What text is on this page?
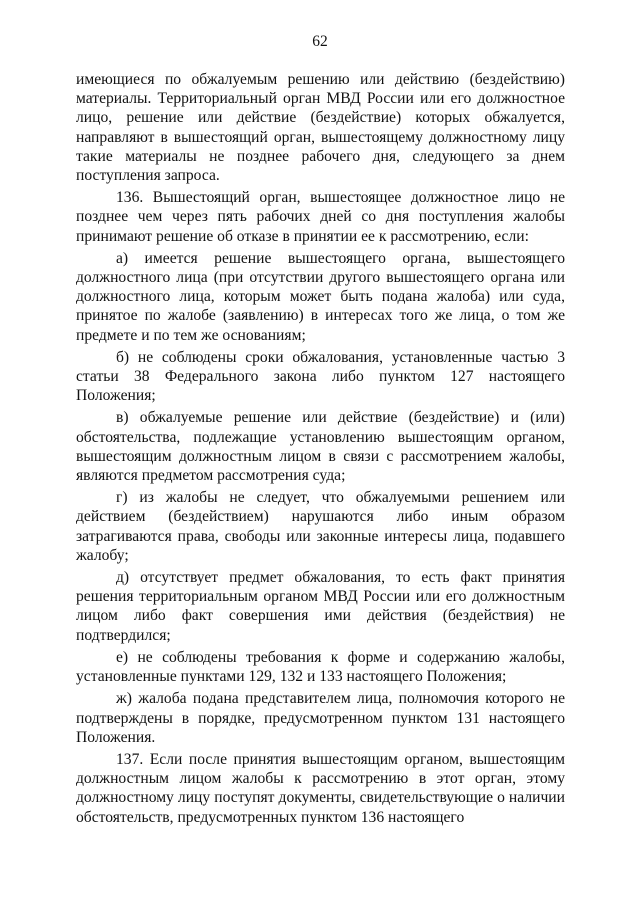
62

имеющиеся по обжалуемым решению или действию (бездействию) материалы. Территориальный орган МВД России или его должностное лицо, решение или действие (бездействие) которых обжалуется, направляют в вышестоящий орган, вышестоящему должностному лицу такие материалы не позднее рабочего дня, следующего за днем поступления запроса.

136. Вышестоящий орган, вышестоящее должностное лицо не позднее чем через пять рабочих дней со дня поступления жалобы принимают решение об отказе в принятии ее к рассмотрению, если:

а) имеется решение вышестоящего органа, вышестоящего должностного лица (при отсутствии другого вышестоящего органа или должностного лица, которым может быть подана жалоба) или суда, принятое по жалобе (заявлению) в интересах того же лица, о том же предмете и по тем же основаниям;

б) не соблюдены сроки обжалования, установленные частью 3 статьи 38 Федерального закона либо пунктом 127 настоящего Положения;

в) обжалуемые решение или действие (бездействие) и (или) обстоятельства, подлежащие установлению вышестоящим органом, вышестоящим должностным лицом в связи с рассмотрением жалобы, являются предметом рассмотрения суда;

г) из жалобы не следует, что обжалуемыми решением или действием (бездействием) нарушаются либо иным образом затрагиваются права, свободы или законные интересы лица, подавшего жалобу;

д) отсутствует предмет обжалования, то есть факт принятия решения территориальным органом МВД России или его должностным лицом либо факт совершения ими действия (бездействия) не подтвердился;

е) не соблюдены требования к форме и содержанию жалобы, установленные пунктами 129, 132 и 133 настоящего Положения;

ж) жалоба подана представителем лица, полномочия которого не подтверждены в порядке, предусмотренном пунктом 131 настоящего Положения.

137. Если после принятия вышестоящим органом, вышестоящим должностным лицом жалобы к рассмотрению в этот орган, этому должностному лицу поступят документы, свидетельствующие о наличии обстоятельств, предусмотренных пунктом 136 настоящего
